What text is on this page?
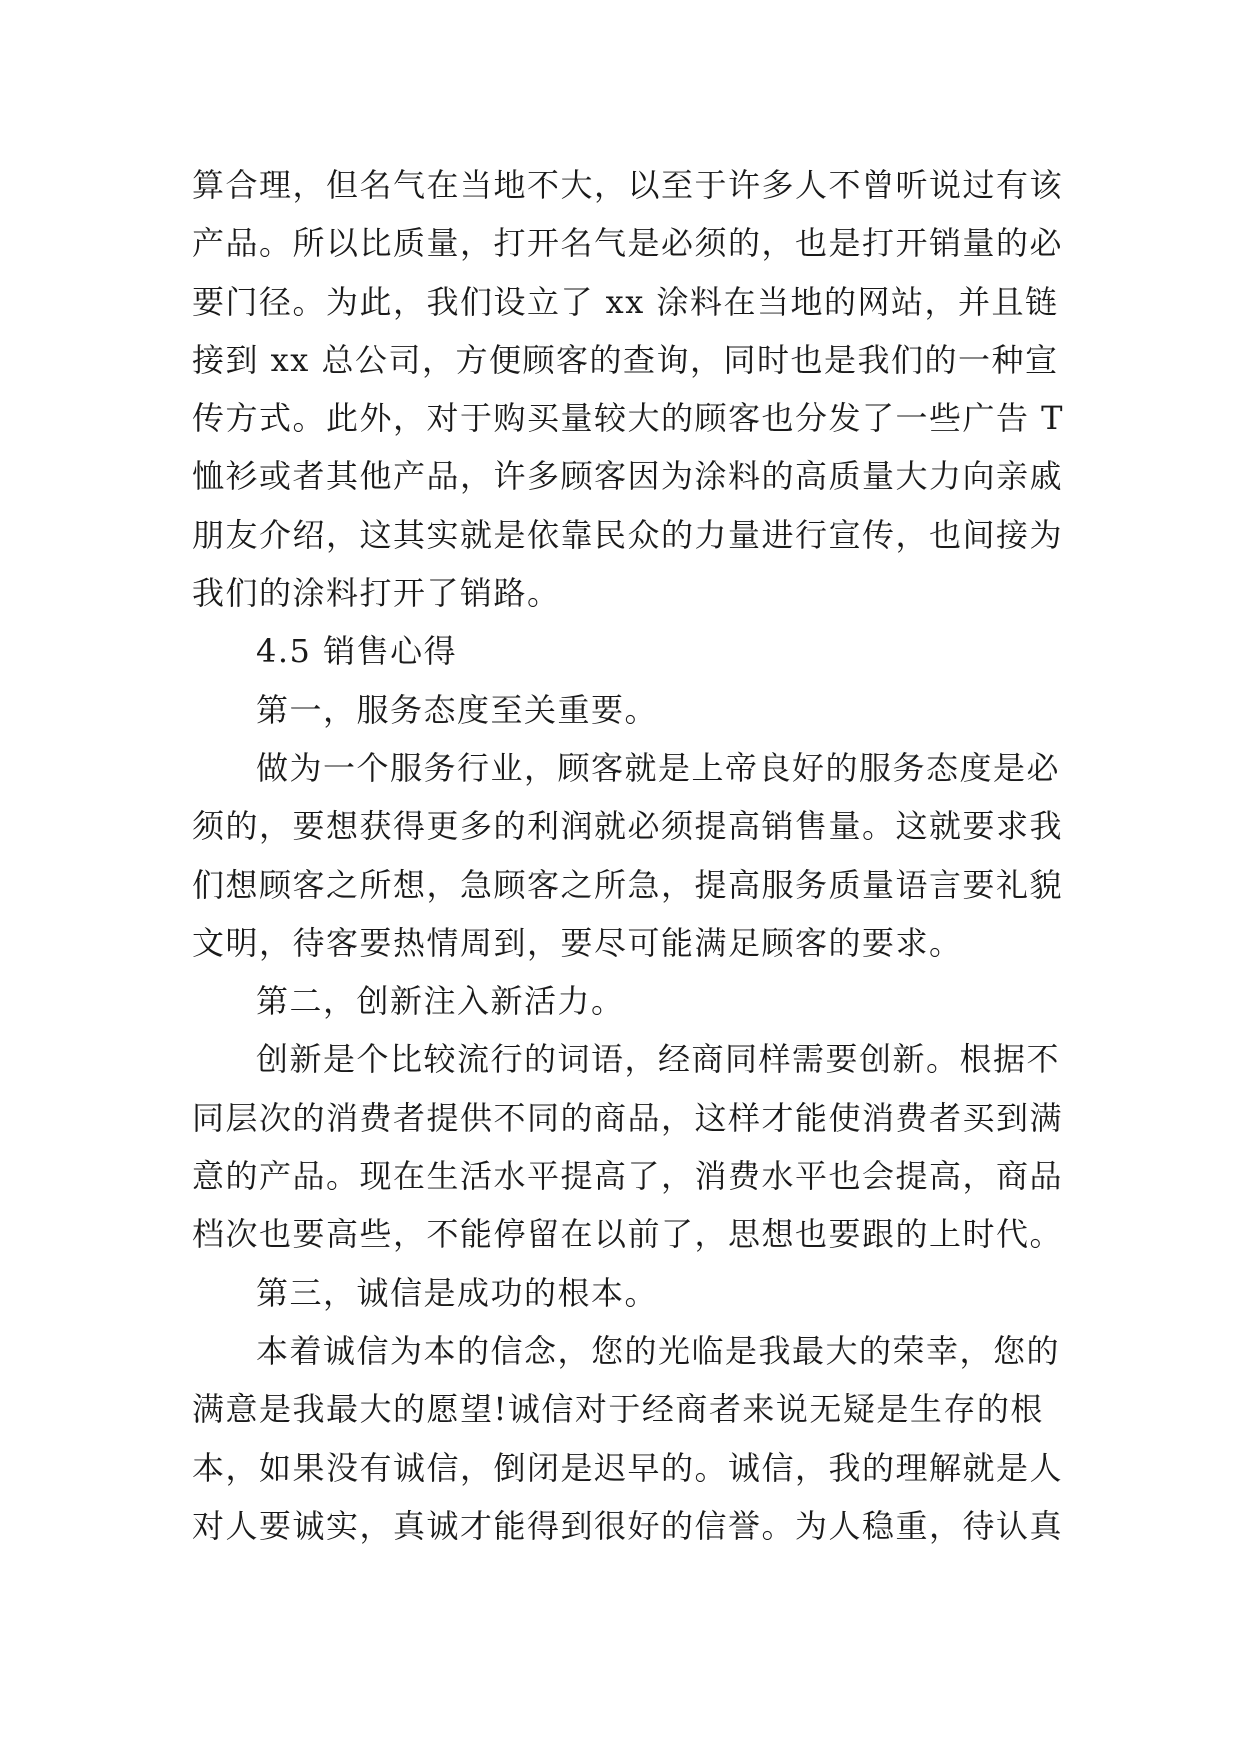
算合理，但名气在当地不大，以至于许多人不曾听说过有该
产品。所以比质量，打开名气是必须的，也是打开销量的必
要门径。为此，我们设立了 xx 涂料在当地的网站，并且链
接到 xx 总公司，方便顾客的查询，同时也是我们的一种宣
传方式。此外，对于购买量较大的顾客也分发了一些广告 T
恤衫或者其他产品，许多顾客因为涂料的高质量大力向亲戚
朋友介绍，这其实就是依靠民众的力量进行宣传，也间接为
我们的涂料打开了销路。
4.5 销售心得
第一，服务态度至关重要。
做为一个服务行业，顾客就是上帝良好的服务态度是必
须的，要想获得更多的利润就必须提高销售量。这就要求我
们想顾客之所想，急顾客之所急，提高服务质量语言要礼貌
文明，待客要热情周到，要尽可能满足顾客的要求。
第二，创新注入新活力。
创新是个比较流行的词语，经商同样需要创新。根据不
同层次的消费者提供不同的商品，这样才能使消费者买到满
意的产品。现在生活水平提高了，消费水平也会提高，商品
档次也要高些，不能停留在以前了，思想也要跟的上时代。
第三，诚信是成功的根本。
本着诚信为本的信念，您的光临是我最大的荣幸，您的
满意是我最大的愿望!诚信对于经商者来说无疑是生存的根
本，如果没有诚信，倒闭是迟早的。诚信，我的理解就是人
对人要诚实，真诚才能得到很好的信誉。为人稳重，待认真
